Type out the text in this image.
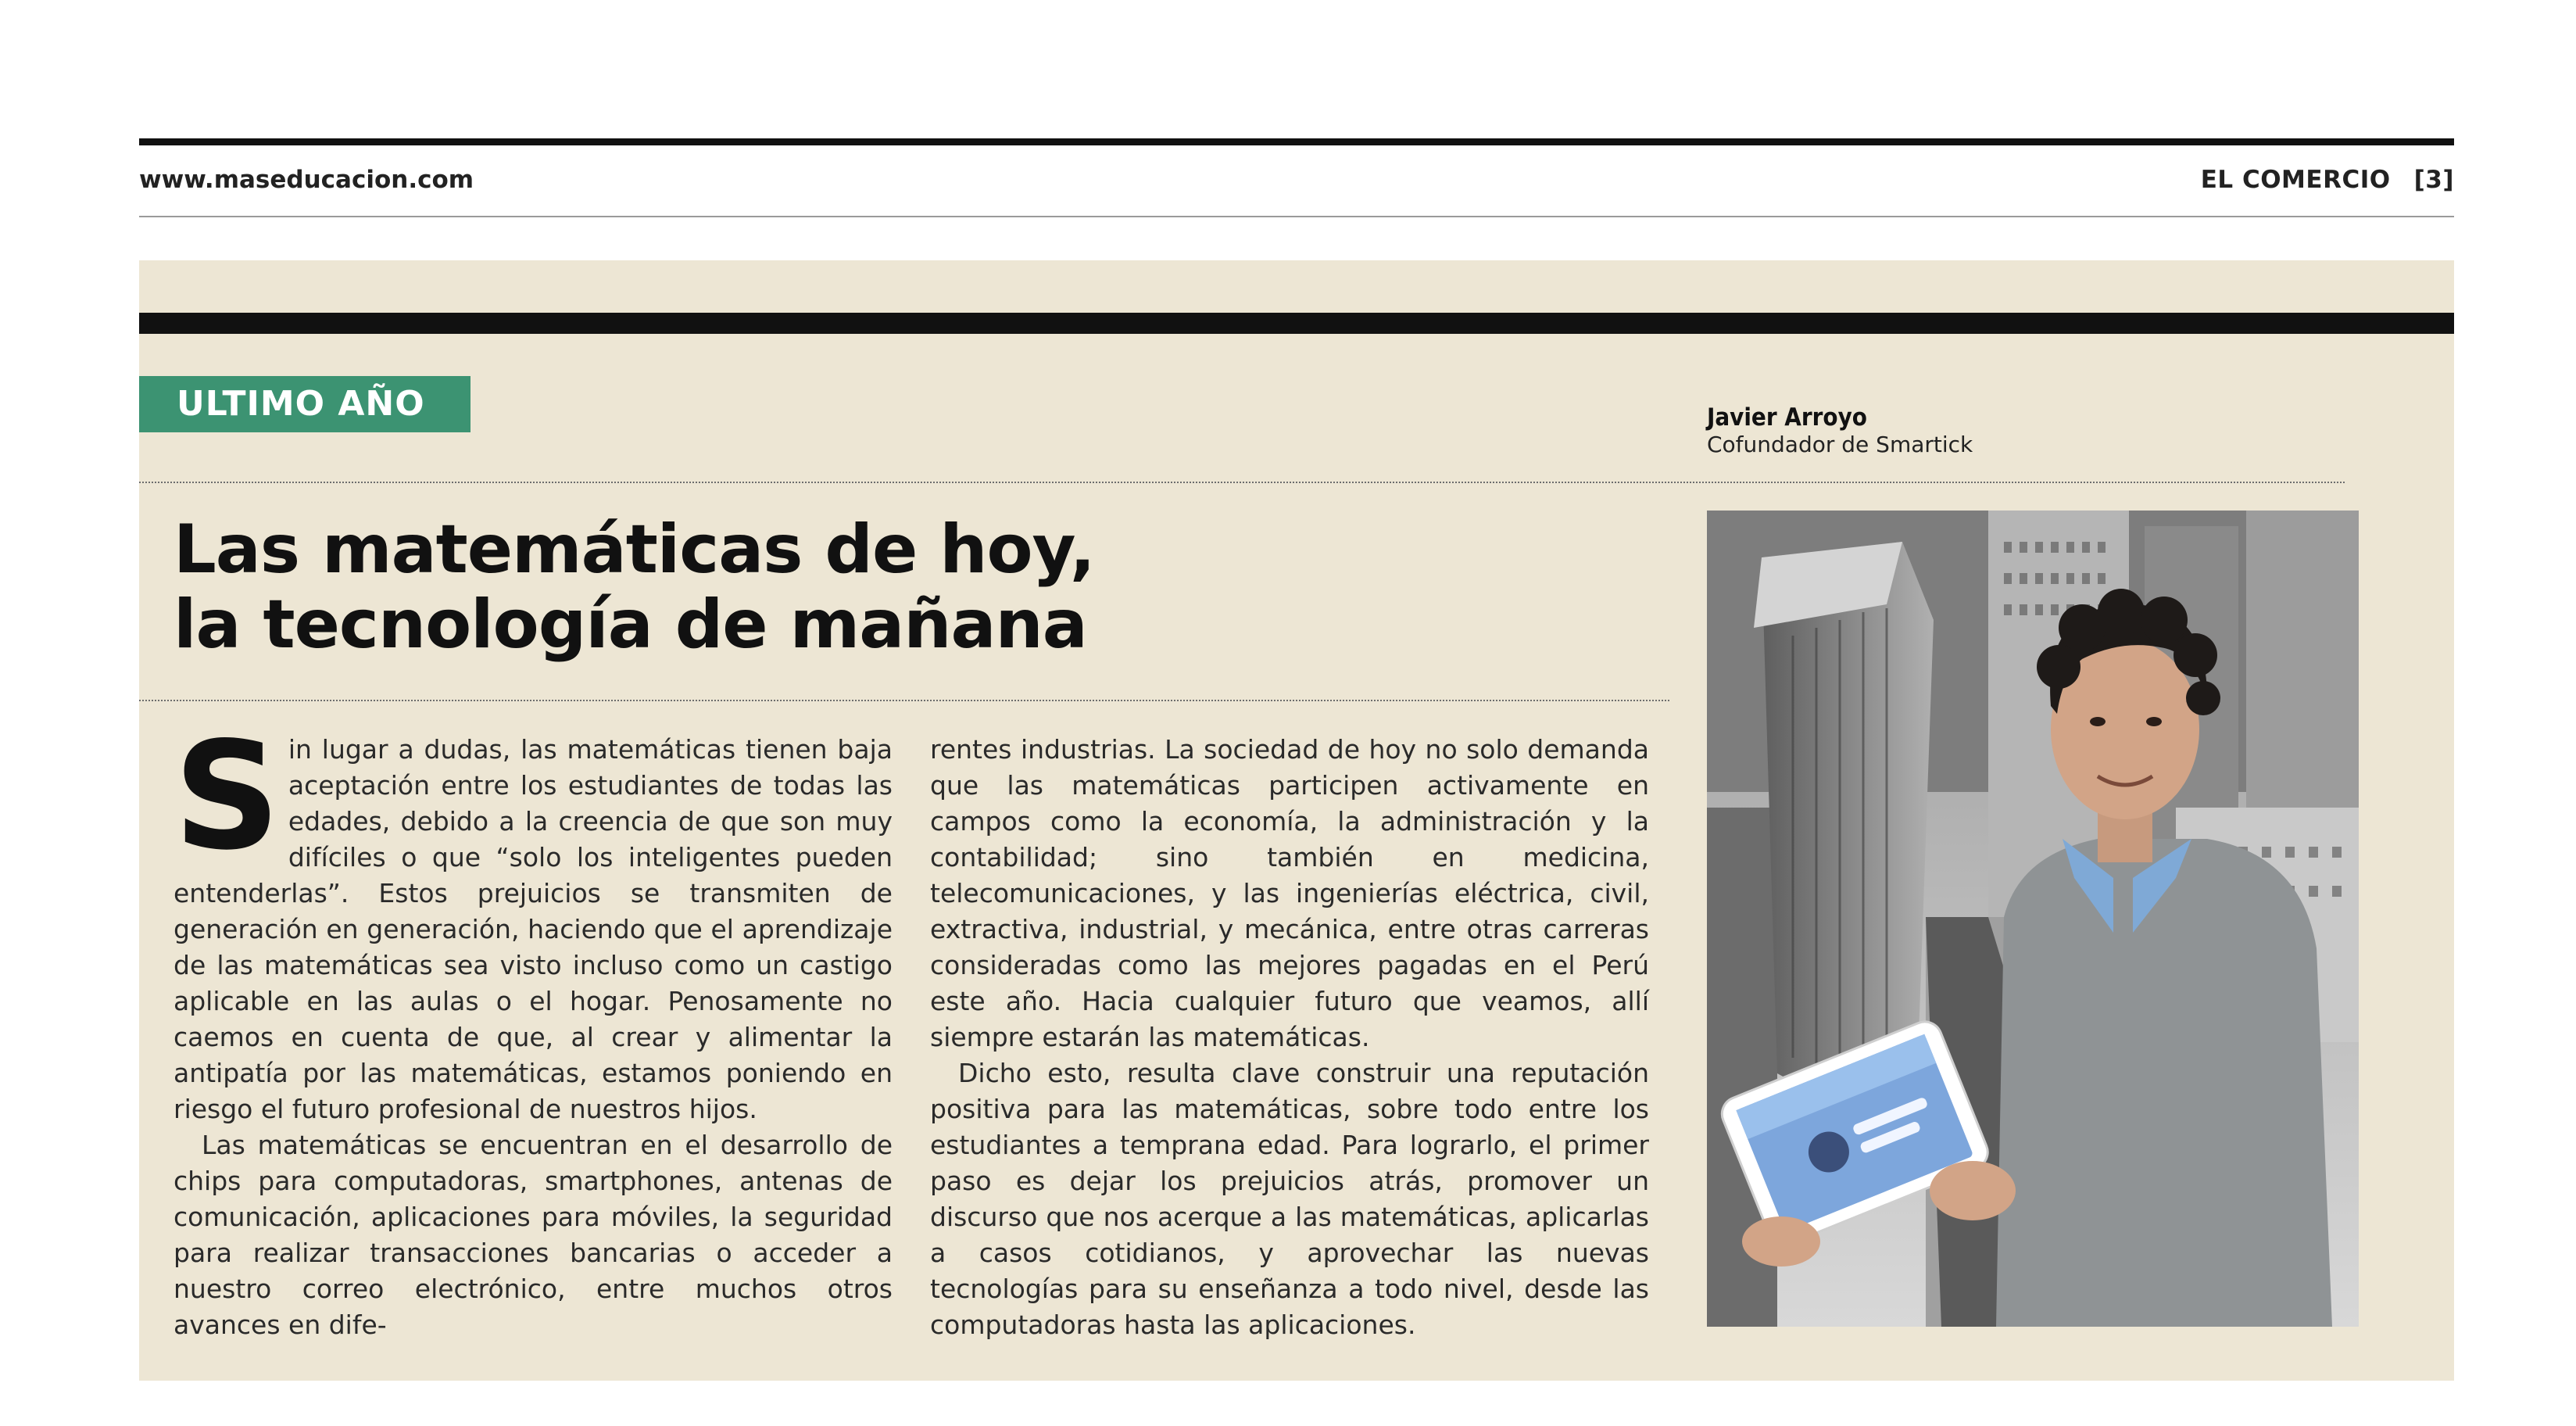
www.maseducacion.com	EL COMERCIO [3]
ULTIMO AÑO	Javier Arroyo
Cofundador de Smartick
Las matemáticas de hoy,
la tecnología de mañana

Sin lugar a dudas, las matemáticas tienen baja aceptación entre los estudiantes de todas las edades, debido a la creencia de que son muy difíciles o que “solo los inteligentes pueden entenderlas”. Estos prejuicios se transmiten de generación en generación, haciendo que el aprendizaje de las matemáticas sea visto incluso como un castigo aplicable en las aulas o el hogar. Penosamente no caemos en cuenta de que, al crear y alimentar la antipatía por las matemáticas, estamos poniendo en riesgo el futuro profesional de nuestros hijos.

Las matemáticas se encuentran en el desarrollo de chips para computadoras, smartphones, antenas de comunicación, aplicaciones para móviles, la seguridad para realizar transacciones bancarias o acceder a nuestro correo electrónico, entre muchos otros avances en dife-

rentes industrias. La sociedad de hoy no solo demanda que las matemáticas participen activamente en campos como la economía, la administración y la contabilidad; sino también en medicina, telecomunicaciones, y las ingenierías eléctrica, civil, extractiva, industrial, y mecánica, entre otras carreras consideradas como las mejores pagadas en el Perú este año. Hacia cualquier futuro que veamos, allí siempre estarán las matemáticas.

Dicho esto, resulta clave construir una reputación positiva para las matemáticas, sobre todo entre los estudiantes a temprana edad. Para lograrlo, el primer paso es dejar los prejuicios atrás, promover un discurso que nos acerque a las matemáticas, aplicarlas a casos cotidianos, y aprovechar las nuevas tecnologías para su enseñanza a todo nivel, desde las computadoras hasta las aplicaciones.
